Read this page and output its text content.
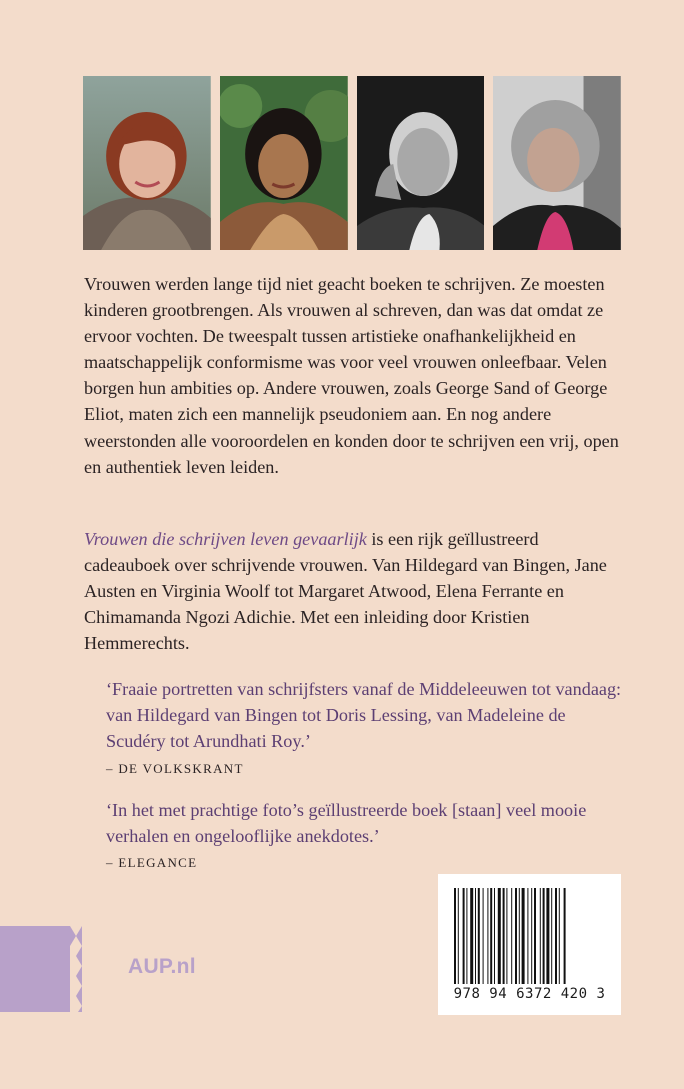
Vrouwen werden lange tijd niet geacht boeken te schrijven. Ze moesten kinderen grootbrengen. Als vrouwen al schreven, dan was dat omdat ze ervoor vochten. De tweespalt tussen artistieke onafhankelijkheid en maatschappelijk conformisme was voor veel vrouwen onleefbaar. Velen borgen hun ambities op. Andere vrouwen, zoals George Sand of George Eliot, maten zich een mannelijk pseudoniem aan. En nog andere weerstonden alle vooroordelen en konden door te schrijven een vrij, open en authentiek leven leiden.
Vrouwen die schrijven leven gevaarlijk is een rijk geïllustreerd cadeauboek over schrijvende vrouwen. Van Hildegard van Bingen, Jane Austen en Virginia Woolf tot Margaret Atwood, Elena Ferrante en Chimamanda Ngozi Adichie. Met een inleiding door Kristien Hemmerechts.
‘Fraaie portretten van schrijfsters vanaf de Middeleeuwen tot vandaag: van Hildegard van Bingen tot Doris Lessing, van Madeleine de Scudéry tot Arundhati Roy.’
– DE VOLKSKRANT
‘In het met prachtige foto’s geïllustreerde boek [staan] veel mooie verhalen en ongelooflijke anekdotes.’
– ELEGANCE
AUP.nl
978 94 6372 420 3
